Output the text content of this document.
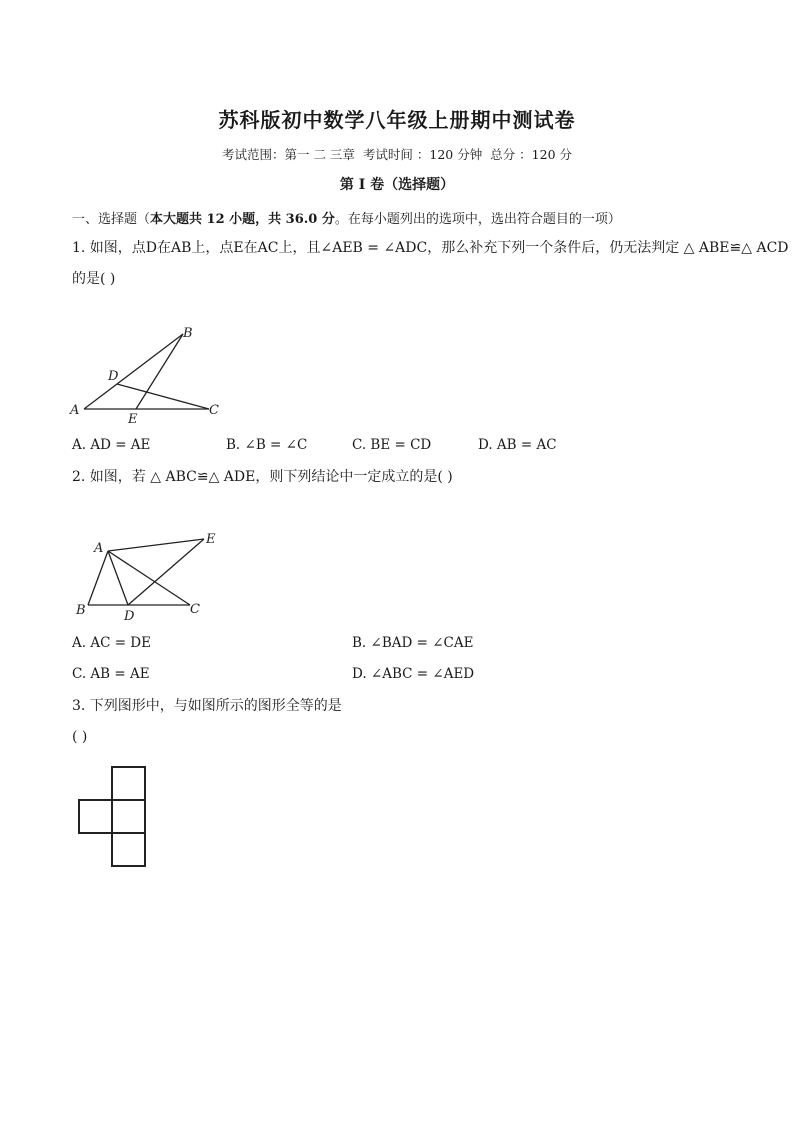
苏科版初中数学八年级上册期中测试卷
考试范围：第一 二 三章 考试时间 ：120 分钟 总分 ：120 分
第 I 卷（选择题）
一、选择题（本大题共 12 小题，共 36.0 分。在每小题列出的选项中，选出符合题目的一项）
1. 如图，点D在AB上，点E在AC上，且∠AEB = ∠ADC，那么补充下列一个条件后，仍无法判定 △ ABE≌△ ACD
的是( )
A
B
C
D
E
A. AD = AE	B. ∠B = ∠C	C. BE = CD	D. AB = AC
2. 如图，若 △ ABC≌△ ADE，则下列结论中一定成立的是( )
A
B	C
D
E
A. AC = DE	B. ∠BAD = ∠CAE
C. AB = AE	D. ∠ABC = ∠AED
3. 下列图形中，与如图所示的图形全等的是
( )
